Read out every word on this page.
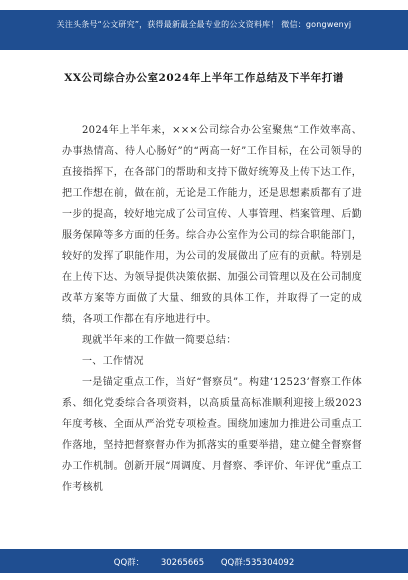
关注头条号“公文研究”，获得最新最全最专业的公文资料库！ 微信：gongwenyj
XX公司综合办公室2024年上半年工作总结及下半年打谱

2024年上半年来，×××公司综合办公室聚焦“工作效率高、办事热情高、待人心肠好”的“两高一好”工作目标，在公司领导的直接指挥下，在各部门的帮助和支持下做好统筹及上传下达工作，把工作想在前，做在前，无论是工作能力，还是思想素质都有了进一步的提高，较好地完成了公司宣传、人事管理、档案管理、后勤服务保障等多方面的任务。综合办公室作为公司的综合职能部门，较好的发挥了职能作用，为公司的发展做出了应有的贡献。特别是在上传下达、为领导提供决策依据、加强公司管理以及在公司制度改革方案等方面做了大量、细致的具体工作，并取得了一定的成绩，各项工作都在有序地进行中。

现就半年来的工作做一简要总结：

一、工作情况

一是锚定重点工作，当好“督察员”。构建‘12523’督察工作体系、细化党委综合各项资料，以高质量高标准顺利迎接上级2023年度考核、全面从严治党专项检查。围绕加速加力推进公司重点工作落地，坚持把督察督办作为抓落实的重要举措，建立健全督察督办工作机制。创新开展“周调度、月督察、季评价、年评优”重点工作考核机

QQ群： 30265665 QQ群:535304092
